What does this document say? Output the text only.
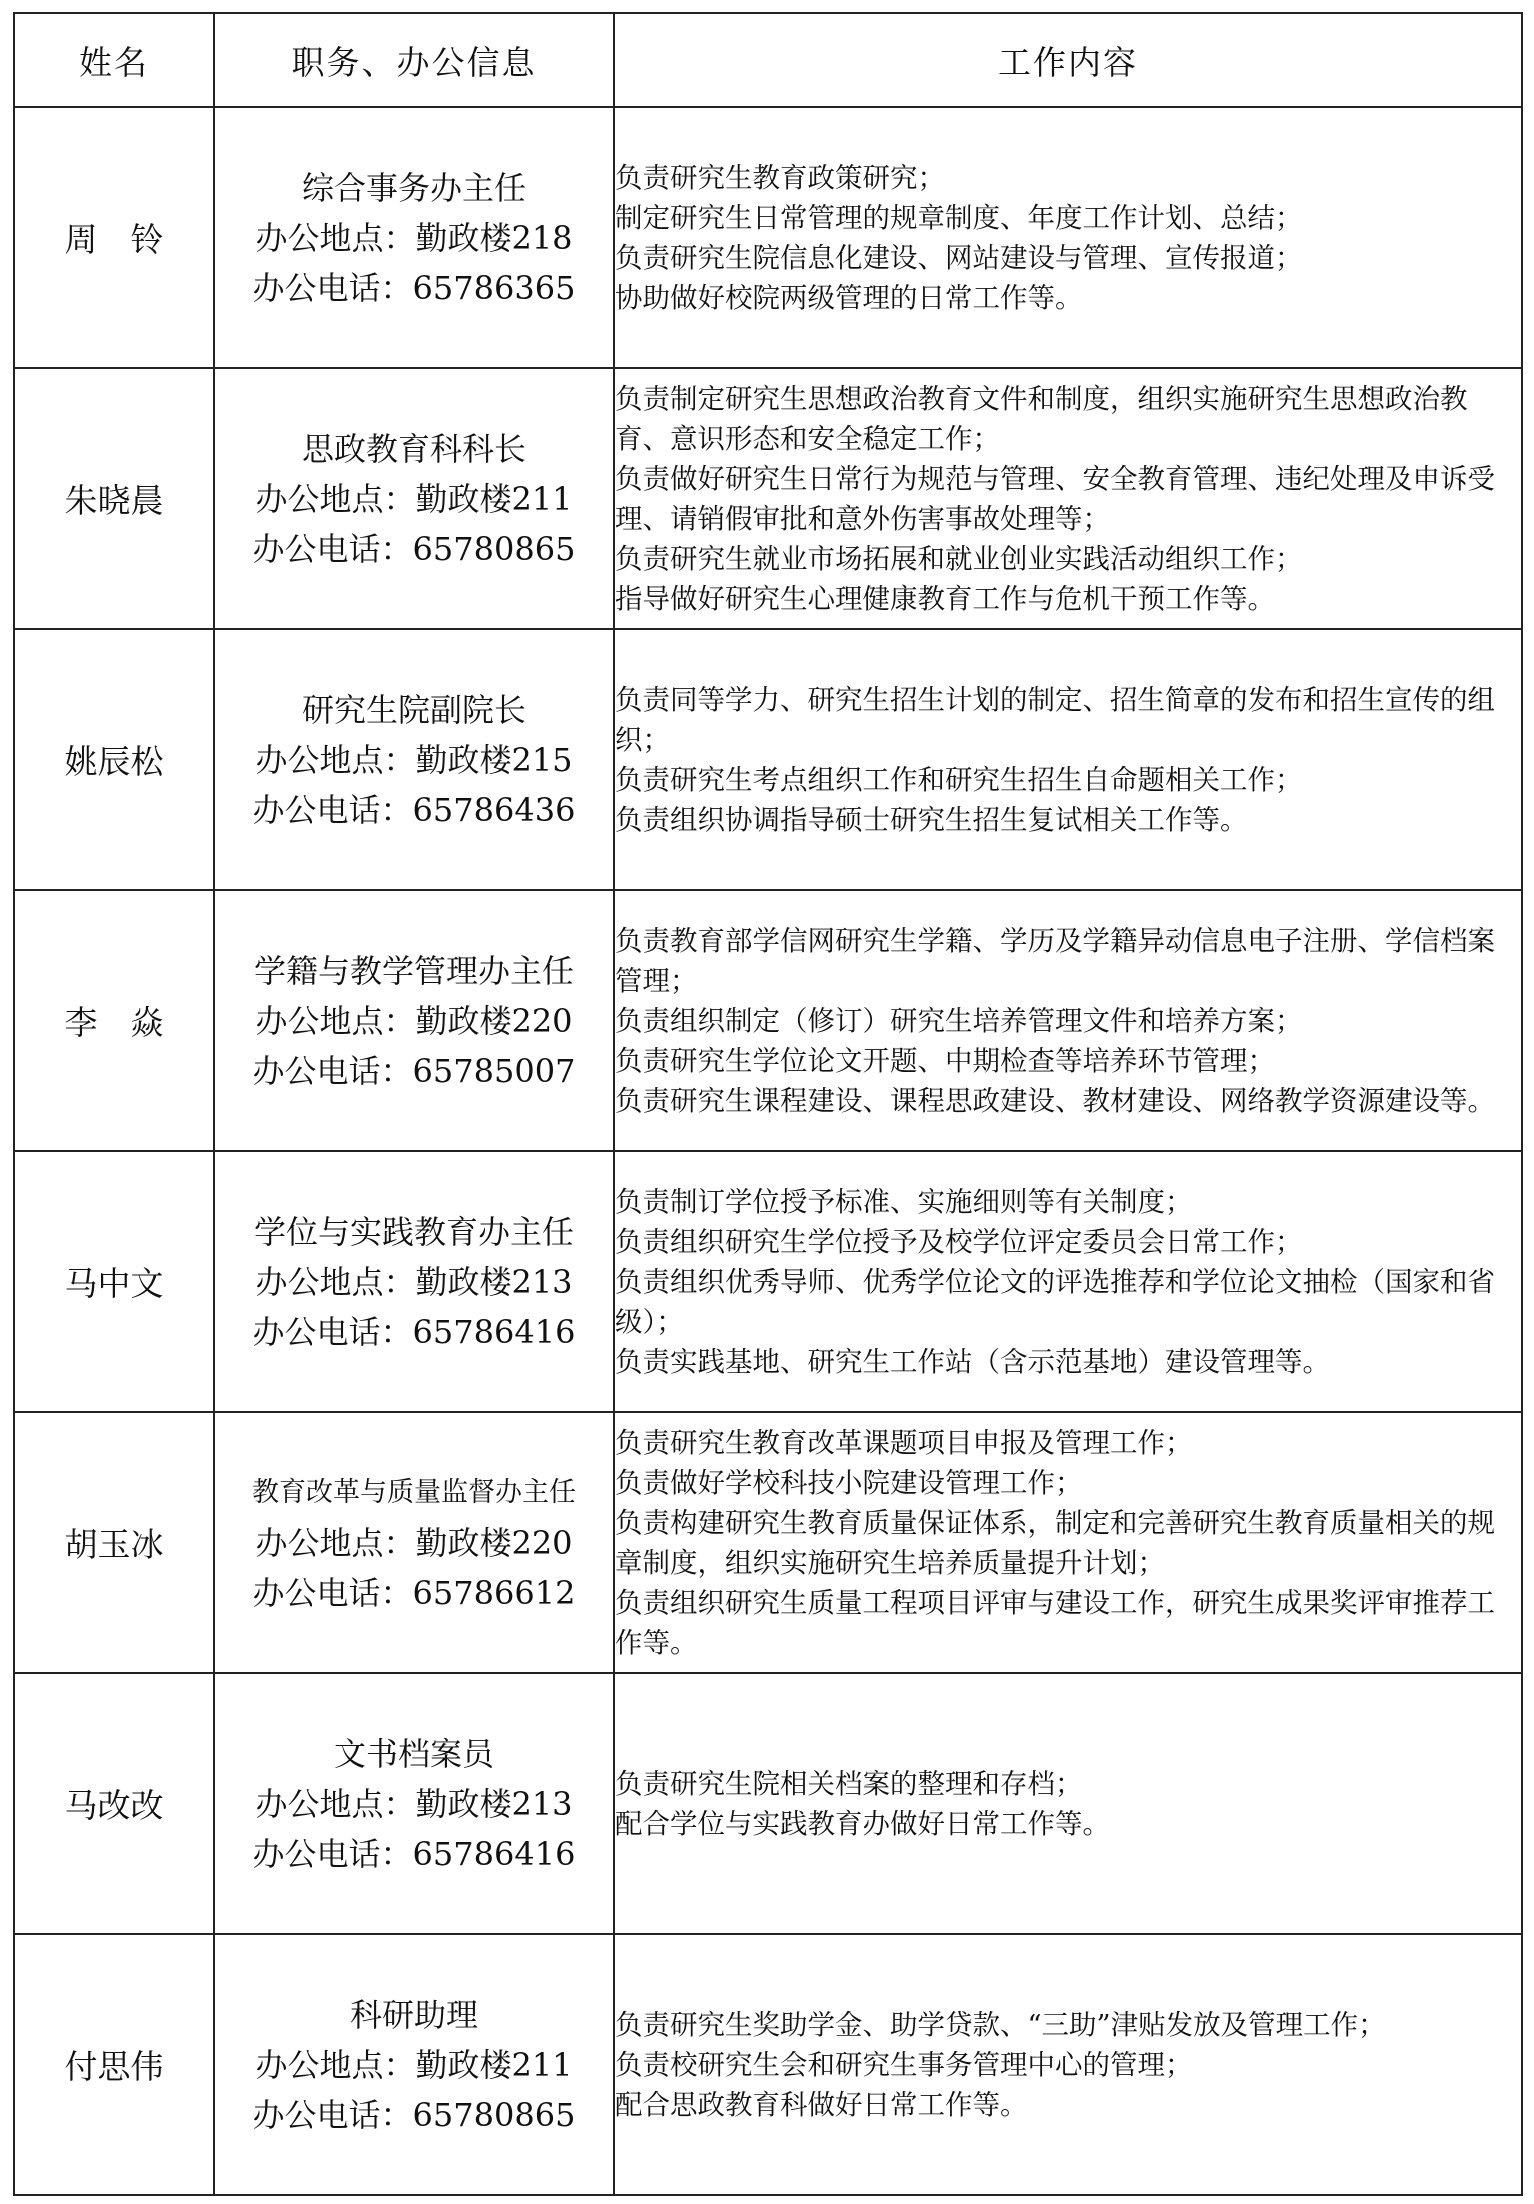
姓名	职务、办公信息	工作内容
周　铃	综合事务办主任
办公地点：勤政楼218
办公电话：65786365	负责研究生教育政策研究；
制定研究生日常管理的规章制度、年度工作计划、总结；
负责研究生院信息化建设、网站建设与管理、宣传报道；
协助做好校院两级管理的日常工作等。

朱晓晨	思政教育科科长
办公地点：勤政楼211
办公电话：65780865	负责制定研究生思想政治教育文件和制度，组织实施研究生思想政治教育、意识形态和安全稳定工作；
负责做好研究生日常行为规范与管理、安全教育管理、违纪处理及申诉受理、请销假审批和意外伤害事故处理等；
负责研究生就业市场拓展和就业创业实践活动组织工作；
指导做好研究生心理健康教育工作与危机干预工作等。

姚辰松	研究生院副院长
办公地点：勤政楼215
办公电话：65786436	负责同等学力、研究生招生计划的制定、招生简章的发布和招生宣传的组织；
负责研究生考点组织工作和研究生招生自命题相关工作；
负责组织协调指导硕士研究生招生复试相关工作等。

李　焱	学籍与教学管理办主任
办公地点：勤政楼220
办公电话：65785007	负责教育部学信网研究生学籍、学历及学籍异动信息电子注册、学信档案管理；
负责组织制定（修订）研究生培养管理文件和培养方案；
负责研究生学位论文开题、中期检查等培养环节管理；
负责研究生课程建设、课程思政建设、教材建设、网络教学资源建设等。

马中文	学位与实践教育办主任
办公地点：勤政楼213
办公电话：65786416	负责制订学位授予标准、实施细则等有关制度；
负责组织研究生学位授予及校学位评定委员会日常工作；
负责组织优秀导师、优秀学位论文的评选推荐和学位论文抽检（国家和省级）；
负责实践基地、研究生工作站（含示范基地）建设管理等。

胡玉冰	教育改革与质量监督办主任
办公地点：勤政楼220
办公电话：65786612	负责研究生教育改革课题项目申报及管理工作；
负责做好学校科技小院建设管理工作；
负责构建研究生教育质量保证体系，制定和完善研究生教育质量相关的规章制度，组织实施研究生培养质量提升计划；
负责组织研究生质量工程项目评审与建设工作，研究生成果奖评审推荐工作等。

马改改	文书档案员
办公地点：勤政楼213
办公电话：65786416	负责研究生院相关档案的整理和存档；
配合学位与实践教育办做好日常工作等。

付思伟	科研助理
办公地点：勤政楼211
办公电话：65780865	负责研究生奖助学金、助学贷款、“三助”津贴发放及管理工作；
负责校研究生会和研究生事务管理中心的管理；
配合思政教育科做好日常工作等。
